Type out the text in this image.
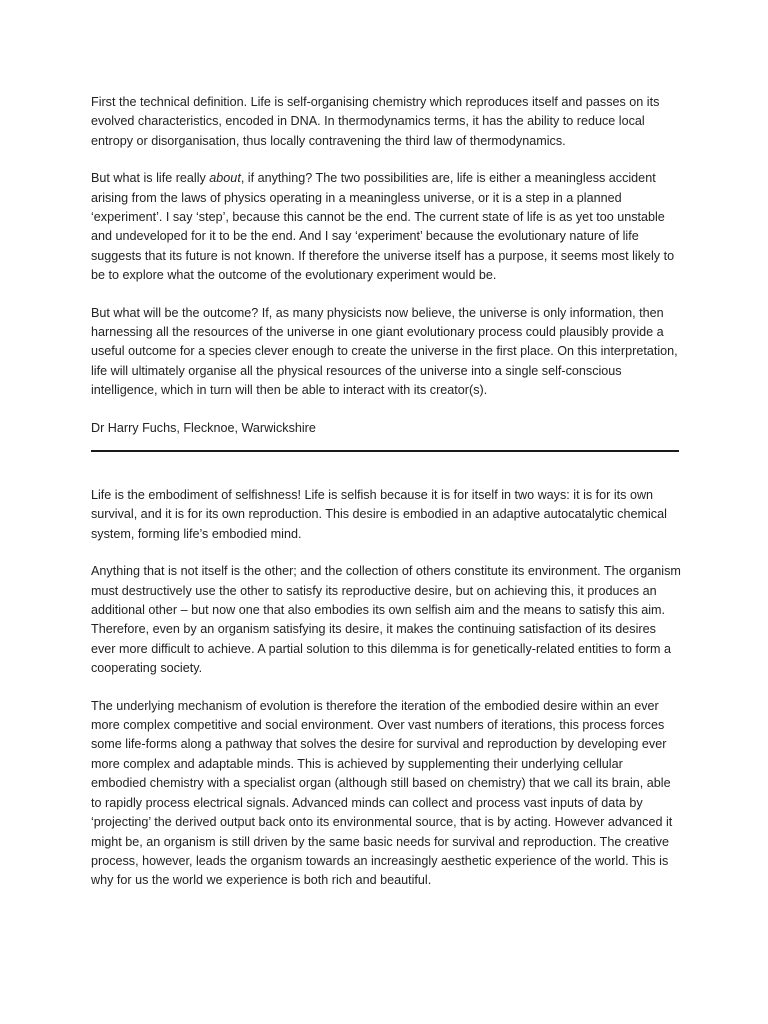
First the technical definition. Life is self-organising chemistry which reproduces itself and passes on its evolved characteristics, encoded in DNA. In thermodynamics terms, it has the ability to reduce local entropy or disorganisation, thus locally contravening the third law of thermodynamics.

But what is life really about, if anything? The two possibilities are, life is either a meaningless accident arising from the laws of physics operating in a meaningless universe, or it is a step in a planned ‘experiment’. I say ‘step’, because this cannot be the end. The current state of life is as yet too unstable and undeveloped for it to be the end. And I say ‘experiment’ because the evolutionary nature of life suggests that its future is not known. If therefore the universe itself has a purpose, it seems most likely to be to explore what the outcome of the evolutionary experiment would be.

But what will be the outcome? If, as many physicists now believe, the universe is only information, then harnessing all the resources of the universe in one giant evolutionary process could plausibly provide a useful outcome for a species clever enough to create the universe in the first place. On this interpretation, life will ultimately organise all the physical resources of the universe into a single self-conscious intelligence, which in turn will then be able to interact with its creator(s).

Dr Harry Fuchs, Flecknoe, Warwickshire

Life is the embodiment of selfishness! Life is selfish because it is for itself in two ways: it is for its own survival, and it is for its own reproduction. This desire is embodied in an adaptive autocatalytic chemical system, forming life’s embodied mind.

Anything that is not itself is the other; and the collection of others constitute its environment. The organism must destructively use the other to satisfy its reproductive desire, but on achieving this, it produces an additional other – but now one that also embodies its own selfish aim and the means to satisfy this aim. Therefore, even by an organism satisfying its desire, it makes the continuing satisfaction of its desires ever more difficult to achieve. A partial solution to this dilemma is for genetically-related entities to form a cooperating society.

The underlying mechanism of evolution is therefore the iteration of the embodied desire within an ever more complex competitive and social environment. Over vast numbers of iterations, this process forces some life-forms along a pathway that solves the desire for survival and reproduction by developing ever more complex and adaptable minds. This is achieved by supplementing their underlying cellular embodied chemistry with a specialist organ (although still based on chemistry) that we call its brain, able to rapidly process electrical signals. Advanced minds can collect and process vast inputs of data by ‘projecting’ the derived output back onto its environmental source, that is by acting. However advanced it might be, an organism is still driven by the same basic needs for survival and reproduction. The creative process, however, leads the organism towards an increasingly aesthetic experience of the world. This is why for us the world we experience is both rich and beautiful.
